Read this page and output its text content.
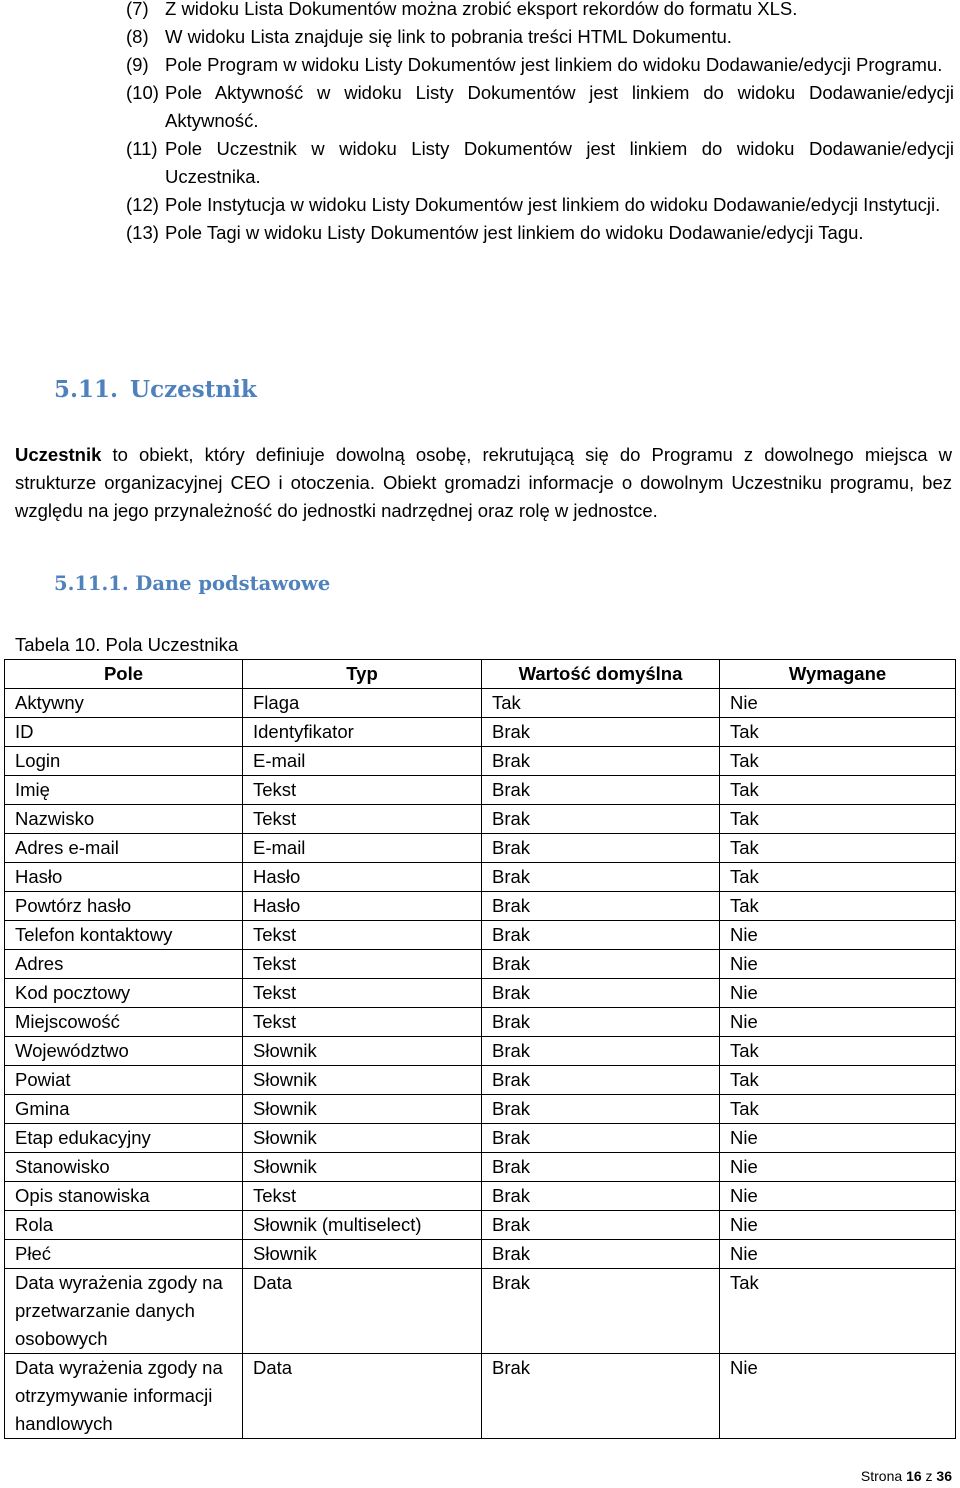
(7) Z widoku Lista Dokumentów można zrobić eksport rekordów do formatu XLS.
(8) W widoku Lista znajduje się link to pobrania treści HTML Dokumentu.
(9) Pole Program w widoku Listy Dokumentów jest linkiem do widoku Dodawanie/edycji Programu.
(10) Pole Aktywność w widoku Listy Dokumentów jest linkiem do widoku Dodawanie/edycji Aktywność.
(11) Pole Uczestnik w widoku Listy Dokumentów jest linkiem do widoku Dodawanie/edycji Uczestnika.
(12) Pole Instytucja w widoku Listy Dokumentów jest linkiem do widoku Dodawanie/edycji Instytucji.
(13) Pole Tagi w widoku Listy Dokumentów jest linkiem do widoku Dodawanie/edycji Tagu.
5.11. Uczestnik

Uczestnik to obiekt, który definiuje dowolną osobę, rekrutującą się do Programu z dowolnego miejsca w strukturze organizacyjnej CEO i otoczenia. Obiekt gromadzi informacje o dowolnym Uczestniku programu, bez względu na jego przynależność do jednostki nadrzędnej oraz rolę w jednostce.

5.11.1. Dane podstawowe

Tabela 10. Pola Uczestnika

Pole	Typ	Wartość domyślna	Wymagane
Aktywny	Flaga	Tak	Nie
ID	Identyfikator	Brak	Tak
Login	E-mail	Brak	Tak
Imię	Tekst	Brak	Tak
Nazwisko	Tekst	Brak	Tak
Adres e-mail	E-mail	Brak	Tak
Hasło	Hasło	Brak	Tak
Powtórz hasło	Hasło	Brak	Tak
Telefon kontaktowy	Tekst	Brak	Nie
Adres	Tekst	Brak	Nie
Kod pocztowy	Tekst	Brak	Nie
Miejscowość	Tekst	Brak	Nie
Województwo	Słownik	Brak	Tak
Powiat	Słownik	Brak	Tak
Gmina	Słownik	Brak	Tak
Etap edukacyjny	Słownik	Brak	Nie
Stanowisko	Słownik	Brak	Nie
Opis stanowiska	Tekst	Brak	Nie
Rola	Słownik (multiselect)	Brak	Nie
Płeć	Słownik	Brak	Nie
Data wyrażenia zgody na przetwarzanie danych osobowych	Data	Brak	Tak
Data wyrażenia zgody na otrzymywanie informacji handlowych	Data	Brak	Nie
Strona 16 z 36
